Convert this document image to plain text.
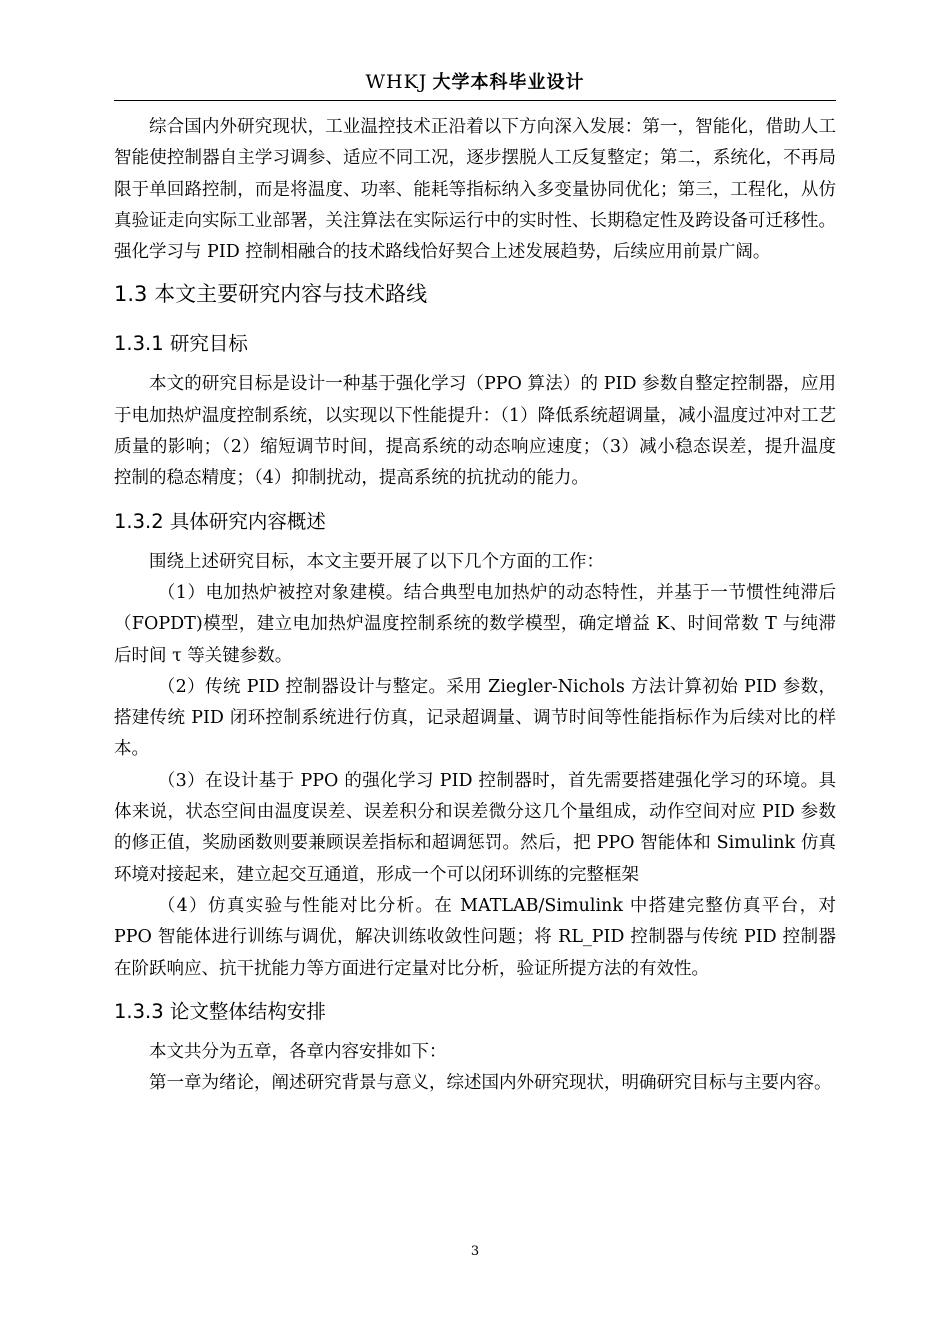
WHKJ 大学本科毕业设计

综合国内外研究现状，工业温控技术正沿着以下方向深入发展：第一，智能化，借助人工智能使控制器自主学习调参、适应不同工况，逐步摆脱人工反复整定；第二，系统化，不再局限于单回路控制，而是将温度、功率、能耗等指标纳入多变量协同优化；第三，工程化，从仿真验证走向实际工业部署，关注算法在实际运行中的实时性、长期稳定性及跨设备可迁移性。强化学习与 PID 控制相融合的技术路线恰好契合上述发展趋势，后续应用前景广阔。

1.3 本文主要研究内容与技术路线
1.3.1 研究目标

本文的研究目标是设计一种基于强化学习（PPO 算法）的 PID 参数自整定控制器，应用于电加热炉温度控制系统，以实现以下性能提升：（1）降低系统超调量，减小温度过冲对工艺质量的影响；（2）缩短调节时间，提高系统的动态响应速度；（3）减小稳态误差，提升温度控制的稳态精度；（4）抑制扰动，提高系统的抗扰动的能力。

1.3.2 具体研究内容概述

围绕上述研究目标，本文主要开展了以下几个方面的工作：

（1）电加热炉被控对象建模。结合典型电加热炉的动态特性，并基于一节惯性纯滞后（FOPDT)模型，建立电加热炉温度控制系统的数学模型，确定增益 K、时间常数 T 与纯滞后时间 τ 等关键参数。

（2）传统 PID 控制器设计与整定。采用 Ziegler-Nichols 方法计算初始 PID 参数，搭建传统 PID 闭环控制系统进行仿真，记录超调量、调节时间等性能指标作为后续对比的样本。

（3）在设计基于 PPO 的强化学习 PID 控制器时，首先需要搭建强化学习的环境。具体来说，状态空间由温度误差、误差积分和误差微分这几个量组成，动作空间对应 PID 参数的修正值，奖励函数则要兼顾误差指标和超调惩罚。然后，把 PPO 智能体和 Simulink 仿真环境对接起来，建立起交互通道，形成一个可以闭环训练的完整框架

（4）仿真实验与性能对比分析。在 MATLAB/Simulink 中搭建完整仿真平台，对 PPO 智能体进行训练与调优，解决训练收敛性问题；将 RL_PID 控制器与传统 PID 控制器在阶跃响应、抗干扰能力等方面进行定量对比分析，验证所提方法的有效性。

1.3.3 论文整体结构安排

本文共分为五章，各章内容安排如下：

第一章为绪论，阐述研究背景与意义，综述国内外研究现状，明确研究目标与主要内容。

3
